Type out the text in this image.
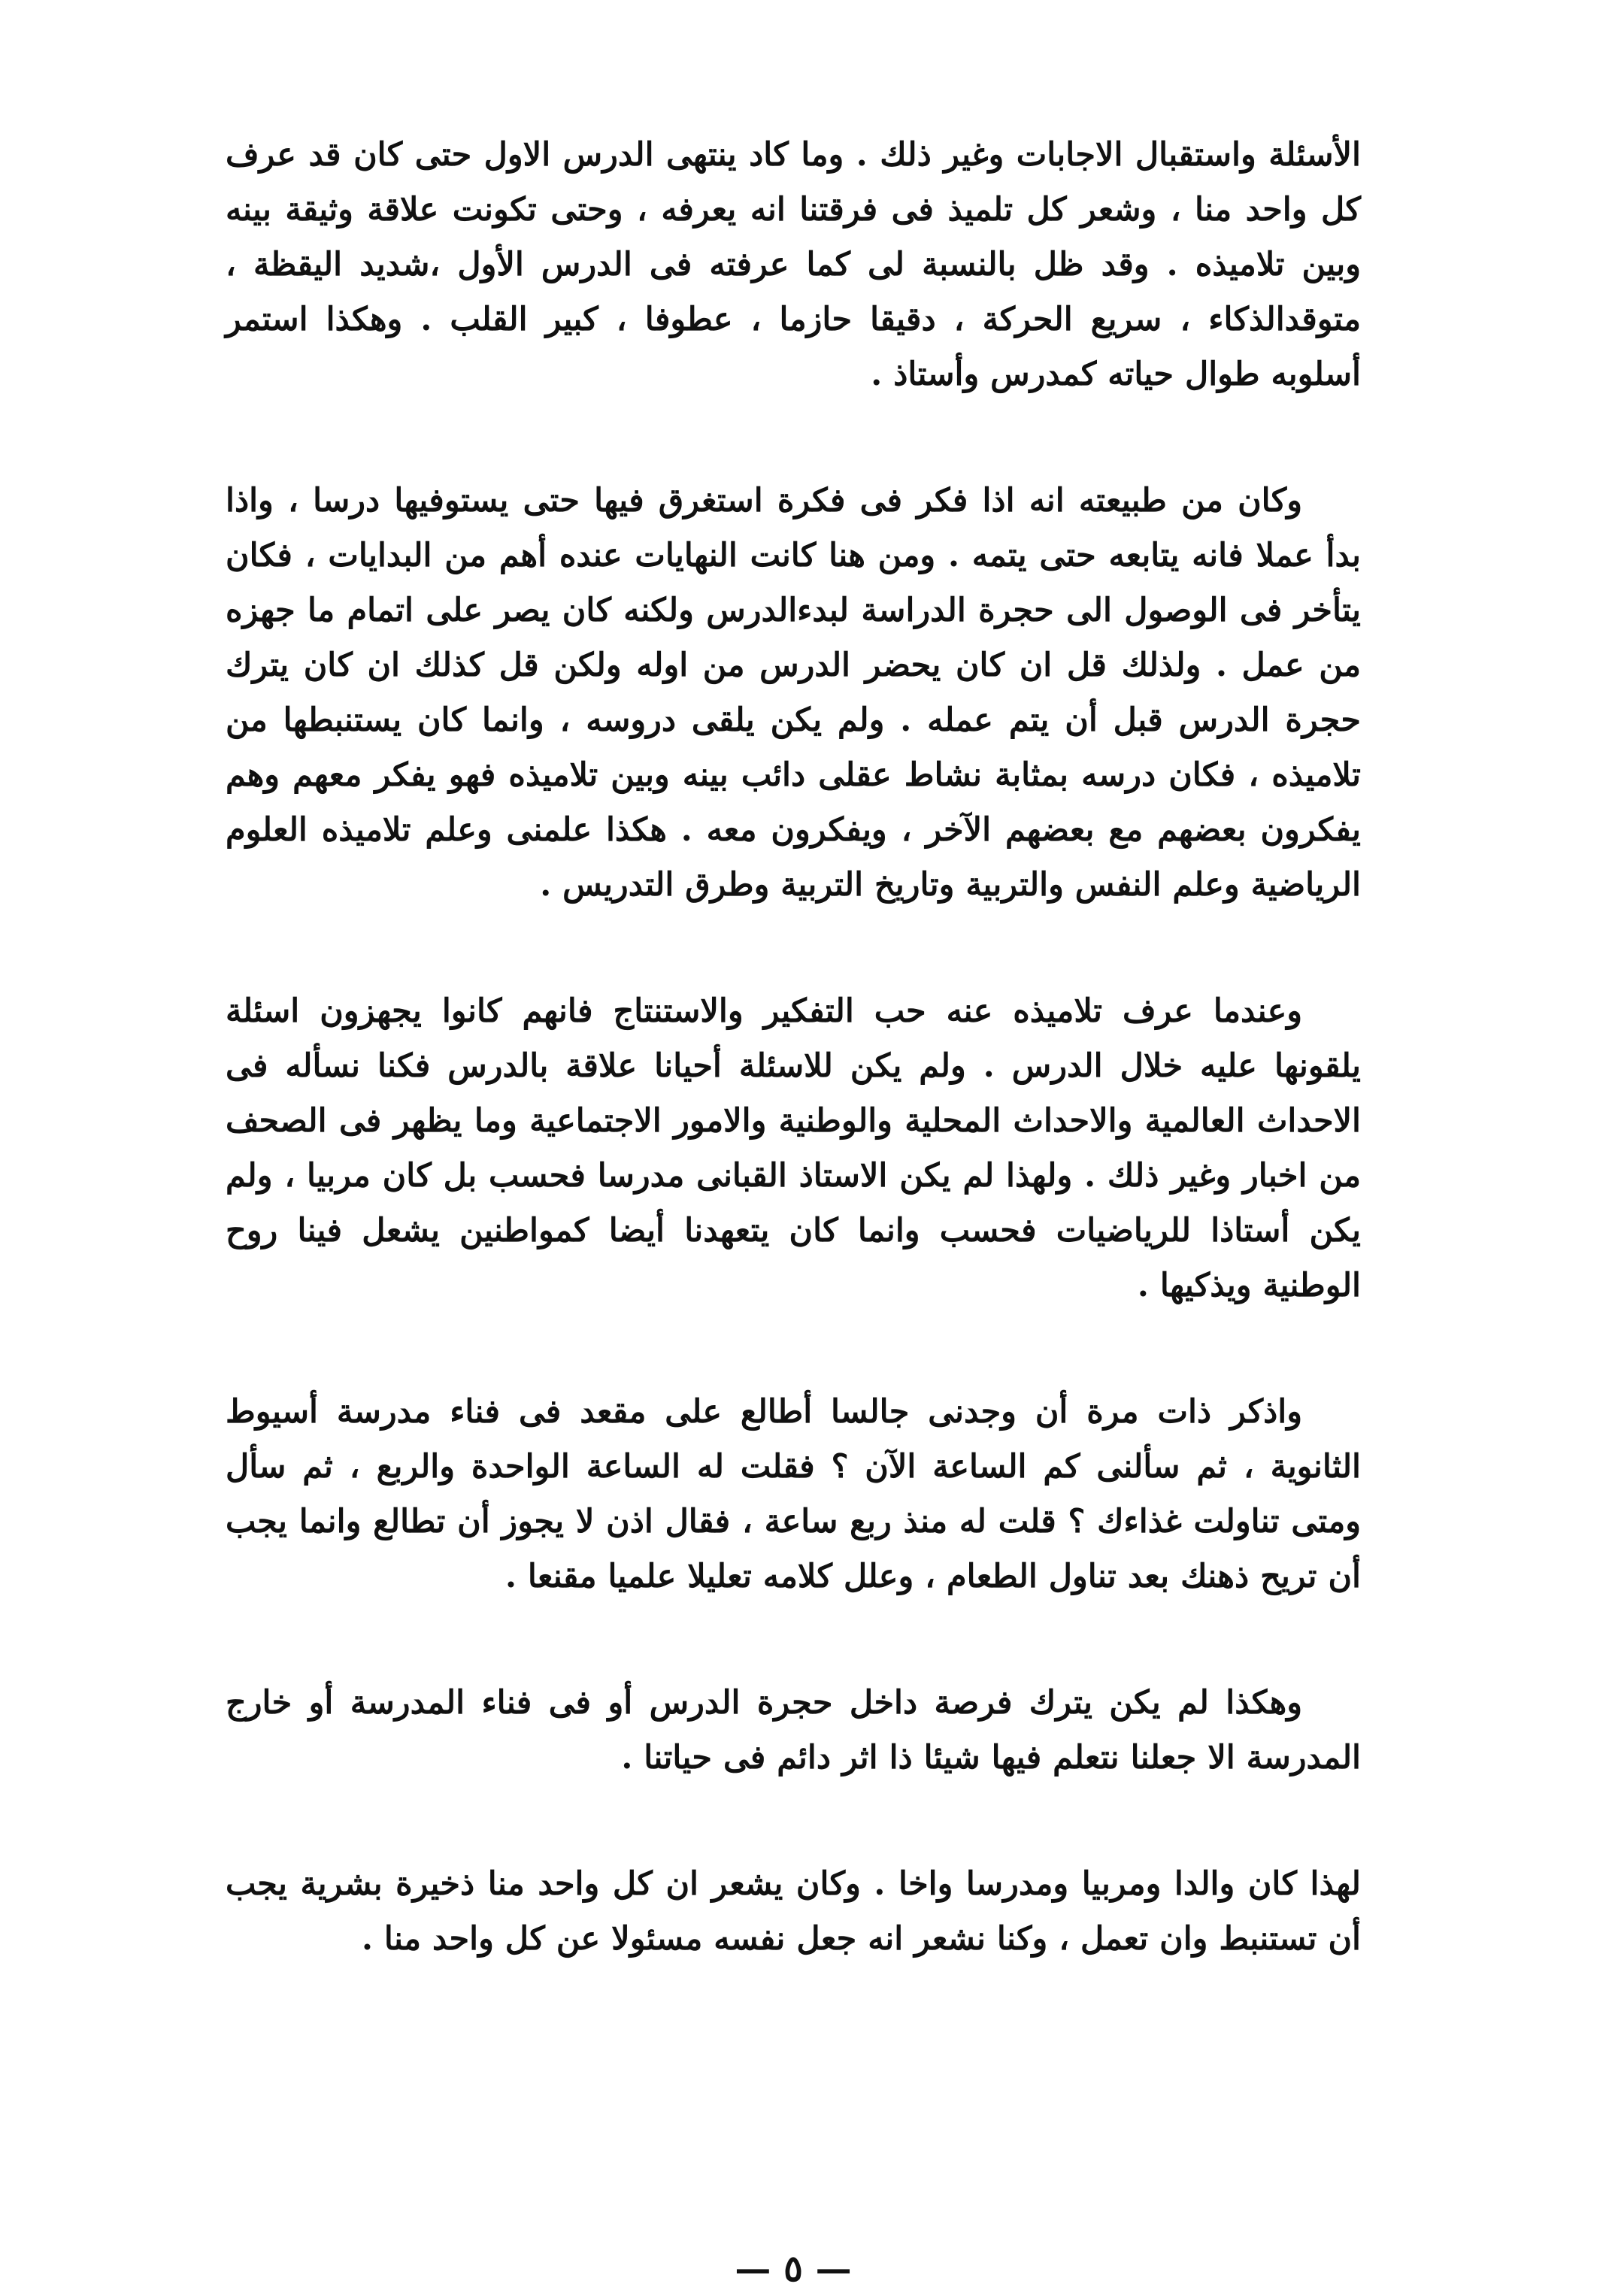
الأسئلة واستقبال الاجابات وغير ذلك . وما كاد ينتهى الدرس الاول حتى كان قد عرف كل واحد منا ، وشعر كل تلميذ فى فرقتنا انه يعرفه ، وحتى تكونت علاقة وثيقة بينه وبين تلاميذه . وقد ظل بالنسبة لى كما عرفته فى الدرس الأول ،شديد اليقظة ، متوقدالذكاء ، سريع الحركة ، دقيقا حازما ، عطوفا ، كبير القلب . وهكذا استمر أسلوبه طوال حياته كمدرس وأستاذ .

وكان من طبيعته انه اذا فكر فى فكرة استغرق فيها حتى يستوفيها درسا ، واذا بدأ عملا فانه يتابعه حتى يتمه . ومن هنا كانت النهايات عنده أهم من البدايات ، فكان يتأخر فى الوصول الى حجرة الدراسة لبدءالدرس ولكنه كان يصر على اتمام ما جهزه من عمل . ولذلك قل ان كان يحضر الدرس من اوله ولكن قل كذلك ان كان يترك حجرة الدرس قبل أن يتم عمله . ولم يكن يلقى دروسه ، وانما كان يستنبطها من تلاميذه ، فكان درسه بمثابة نشاط عقلى دائب بينه وبين تلاميذه فهو يفكر معهم وهم يفكرون بعضهم مع بعضهم الآخر ، ويفكرون معه . هكذا علمنى وعلم تلاميذه العلوم الرياضية وعلم النفس والتربية وتاريخ التربية وطرق التدريس .

وعندما عرف تلاميذه عنه حب التفكير والاستنتاج فانهم كانوا يجهزون اسئلة يلقونها عليه خلال الدرس . ولم يكن للاسئلة أحيانا علاقة بالدرس فكنا نسأله فى الاحداث العالمية والاحداث المحلية والوطنية والامور الاجتماعية وما يظهر فى الصحف من اخبار وغير ذلك . ولهذا لم يكن الاستاذ القبانى مدرسا فحسب بل كان مربيا ، ولم يكن أستاذا للرياضيات فحسب وانما كان يتعهدنا أيضا كمواطنين يشعل فينا روح الوطنية ويذكيها .

واذكر ذات مرة أن وجدنى جالسا أطالع على مقعد فى فناء مدرسة أسيوط الثانوية ، ثم سألنى كم الساعة الآن ؟ فقلت له الساعة الواحدة والربع ، ثم سأل ومتى تناولت غذاءك ؟ قلت له منذ ربع ساعة ، فقال اذن لا يجوز أن تطالع وانما يجب أن تريح ذهنك بعد تناول الطعام ، وعلل كلامه تعليلا علميا مقنعا .

وهكذا لم يكن يترك فرصة داخل حجرة الدرس أو فى فناء المدرسة أو خارج المدرسة الا جعلنا نتعلم فيها شيئا ذا اثر دائم فى حياتنا .

لهذا كان والدا ومربيا ومدرسا واخا . وكان يشعر ان كل واحد منا ذخيرة بشرية يجب أن تستنبط وان تعمل ، وكنا نشعر انه جعل نفسه مسئولا عن كل واحد منا .

— ٥ —
